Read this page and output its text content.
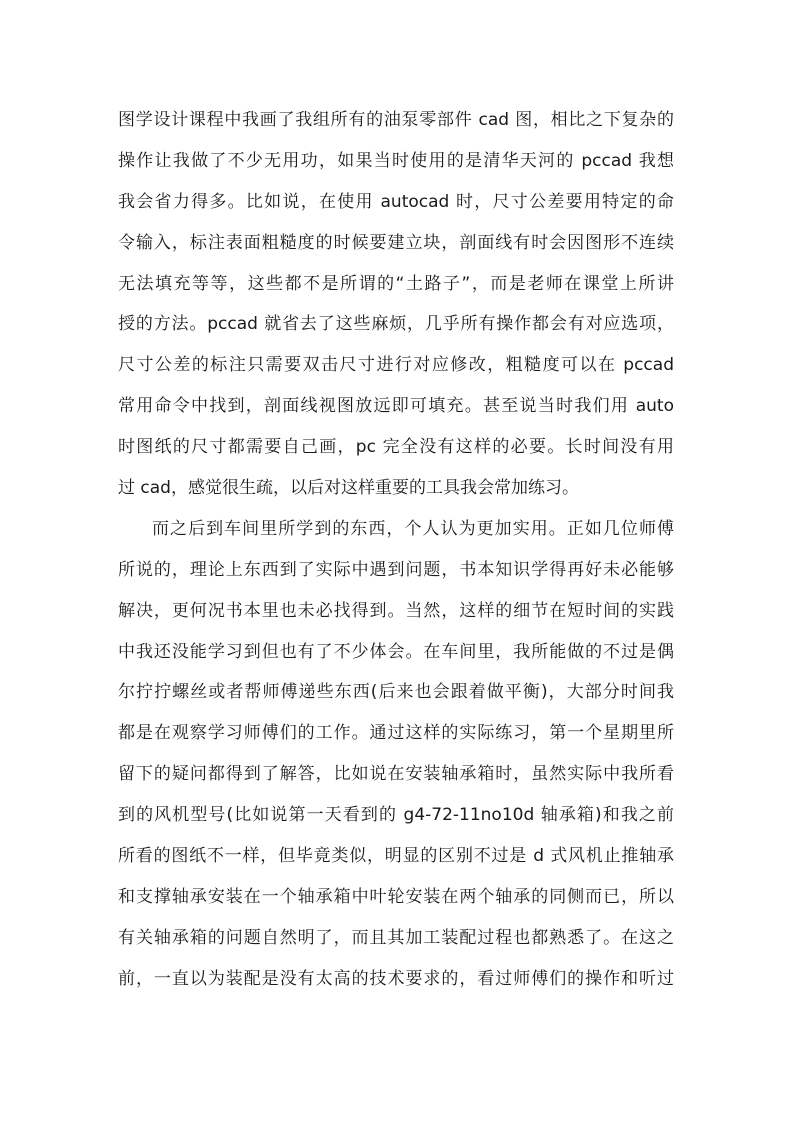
图学设计课程中我画了我组所有的油泵零部件 cad 图，相比之下复杂的
操作让我做了不少无用功，如果当时使用的是清华天河的 pccad 我想
我会省力得多。比如说，在使用 autocad 时，尺寸公差要用特定的命
令输入，标注表面粗糙度的时候要建立块，剖面线有时会因图形不连续
无法填充等等，这些都不是所谓的“土路子”，而是老师在课堂上所讲
授的方法。pccad 就省去了这些麻烦，几乎所有操作都会有对应选项，
尺寸公差的标注只需要双击尺寸进行对应修改，粗糙度可以在 pccad
常用命令中找到，剖面线视图放远即可填充。甚至说当时我们用 auto
时图纸的尺寸都需要自己画，pc 完全没有这样的必要。长时间没有用
过 cad，感觉很生疏，以后对这样重要的工具我会常加练习。
而之后到车间里所学到的东西，个人认为更加实用。正如几位师傅
所说的，理论上东西到了实际中遇到问题，书本知识学得再好未必能够
解决，更何况书本里也未必找得到。当然，这样的细节在短时间的实践
中我还没能学习到但也有了不少体会。在车间里，我所能做的不过是偶
尔拧拧螺丝或者帮师傅递些东西(后来也会跟着做平衡)，大部分时间我
都是在观察学习师傅们的工作。通过这样的实际练习，第一个星期里所
留下的疑问都得到了解答，比如说在安装轴承箱时，虽然实际中我所看
到的风机型号(比如说第一天看到的 g4-72-11no10d 轴承箱)和我之前
所看的图纸不一样，但毕竟类似，明显的区别不过是 d 式风机止推轴承
和支撑轴承安装在一个轴承箱中叶轮安装在两个轴承的同侧而已，所以
有关轴承箱的问题自然明了，而且其加工装配过程也都熟悉了。在这之
前，一直以为装配是没有太高的技术要求的，看过师傅们的操作和听过
